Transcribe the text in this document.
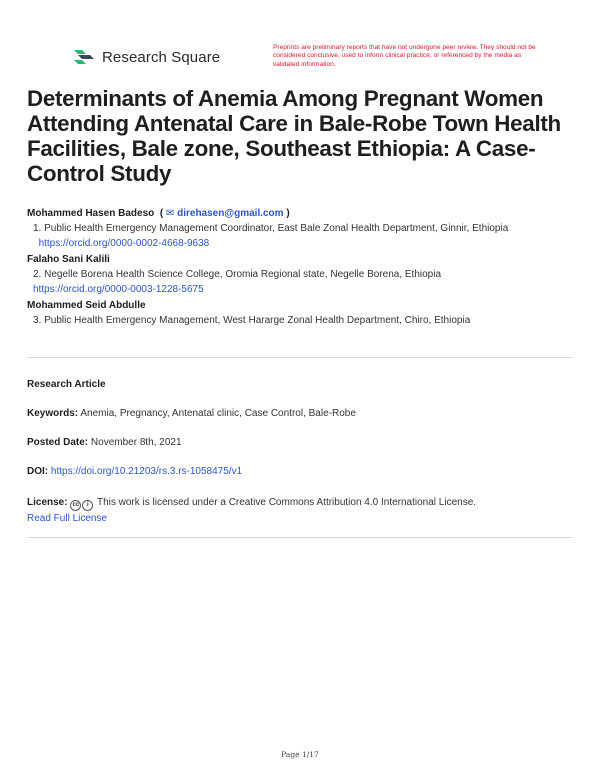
Research Square
Preprints are preliminary reports that have not undergone peer review. They should not be considered conclusive, used to inform clinical practice, or referenced by the media as validated information.
Determinants of Anemia Among Pregnant Women Attending Antenatal Care in Bale-Robe Town Health Facilities, Bale zone, Southeast Ethiopia: A Case-Control Study
Mohammed Hasen Badeso  ( ✉ direhasen@gmail.com )
1. Public Health Emergency Management Coordinator, East Bale Zonal Health Department, Ginnir, Ethiopia   https://orcid.org/0000-0002-4668-9638
Falaho Sani Kalili
2. Negelle Borena Health Science College, Oromia Regional state, Negelle Borena, Ethiopia
https://orcid.org/0000-0003-1228-5675
Mohammed Seid Abdulle
3. Public Health Emergency Management, West Hararge Zonal Health Department, Chiro, Ethiopia
Research Article
Keywords: Anemia, Pregnancy, Antenatal clinic, Case Control, Bale-Robe
Posted Date: November 8th, 2021
DOI: https://doi.org/10.21203/rs.3.rs-1058475/v1
License: cc i This work is licensed under a Creative Commons Attribution 4.0 International License.
Read Full License
Page 1/17
